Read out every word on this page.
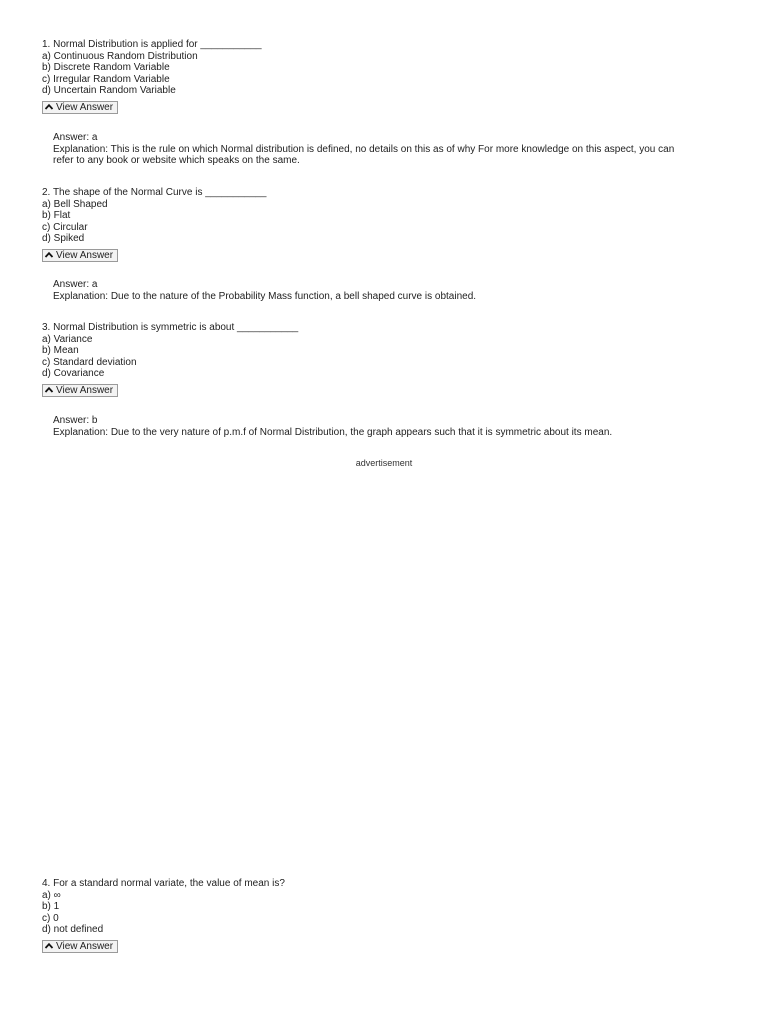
1. Normal Distribution is applied for ___________
a) Continuous Random Distribution
b) Discrete Random Variable
c) Irregular Random Variable
d) Uncertain Random Variable
View Answer
Answer: a
Explanation: This is the rule on which Normal distribution is defined, no details on this as of why For more knowledge on this aspect, you can
refer to any book or website which speaks on the same.
2. The shape of the Normal Curve is ___________
a) Bell Shaped
b) Flat
c) Circular
d) Spiked
View Answer
Answer: a
Explanation: Due to the nature of the Probability Mass function, a bell shaped curve is obtained.
3. Normal Distribution is symmetric is about ___________
a) Variance
b) Mean
c) Standard deviation
d) Covariance
View Answer
Answer: b
Explanation: Due to the very nature of p.m.f of Normal Distribution, the graph appears such that it is symmetric about its mean.
advertisement
4. For a standard normal variate, the value of mean is?
a) ∞
b) 1
c) 0
d) not defined
View Answer
